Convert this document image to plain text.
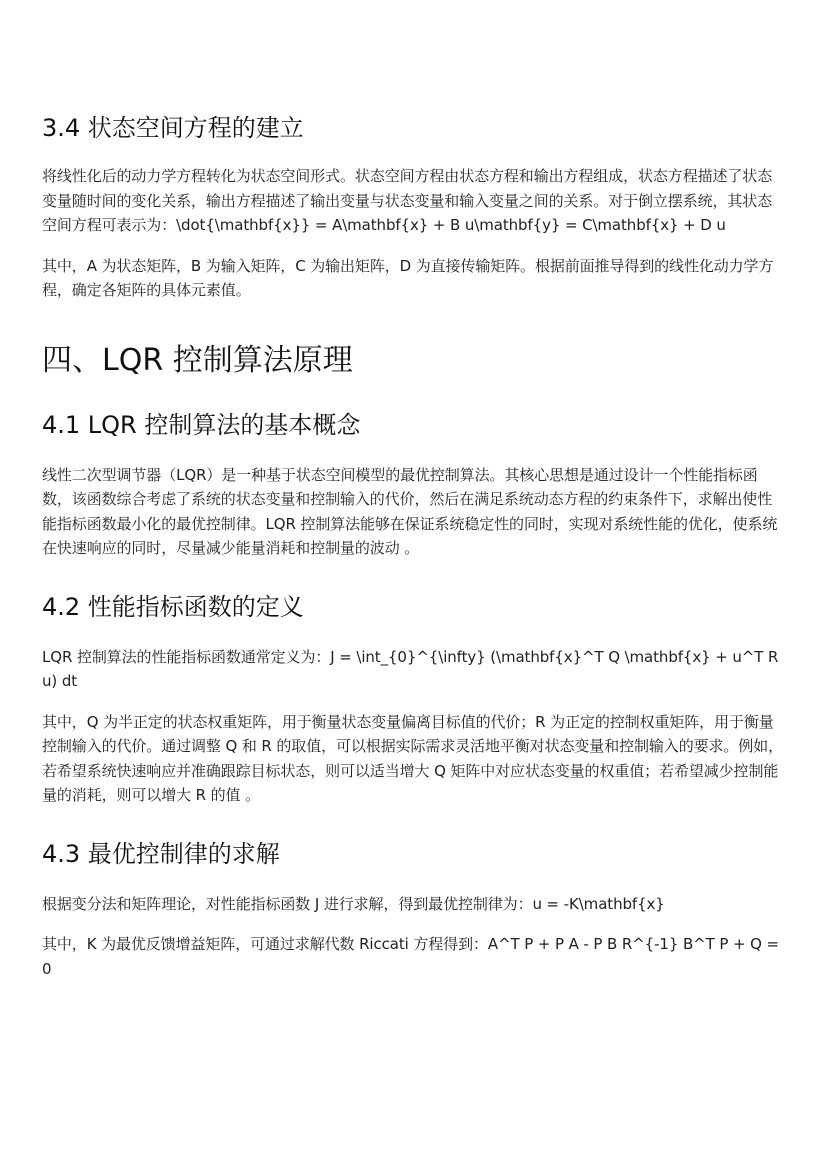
3.4 状态空间方程的建立

将线性化后的动力学方程转化为状态空间形式。状态空间方程由状态方程和输出方程组成，状态方程描述了状态变量随时间的变化关系，输出方程描述了输出变量与状态变量和输入变量之间的关系。对于倒立摆系统，其状态空间方程可表示为：\dot{\mathbf{x}} = A\mathbf{x} + B u\mathbf{y} = C\mathbf{x} + D u

其中，A 为状态矩阵，B 为输入矩阵，C 为输出矩阵，D 为直接传输矩阵。根据前面推导得到的线性化动力学方程，确定各矩阵的具体元素值。

四、LQR 控制算法原理
4.1 LQR 控制算法的基本概念

线性二次型调节器（LQR）是一种基于状态空间模型的最优控制算法。其核心思想是通过设计一个性能指标函数，该函数综合考虑了系统的状态变量和控制输入的代价，然后在满足系统动态方程的约束条件下，求解出使性能指标函数最小化的最优控制律。LQR 控制算法能够在保证系统稳定性的同时，实现对系统性能的优化，使系统在快速响应的同时，尽量减少能量消耗和控制量的波动 。

4.2 性能指标函数的定义

LQR 控制算法的性能指标函数通常定义为：J = \int_{0}^{\infty} (\mathbf{x}^T Q \mathbf{x} + u^T R u) dt

其中，Q 为半正定的状态权重矩阵，用于衡量状态变量偏离目标值的代价；R 为正定的控制权重矩阵，用于衡量控制输入的代价。通过调整 Q 和 R 的取值，可以根据实际需求灵活地平衡对状态变量和控制输入的要求。例如，若希望系统快速响应并准确跟踪目标状态，则可以适当增大 Q 矩阵中对应状态变量的权重值；若希望减少控制能量的消耗，则可以增大 R 的值 。

4.3 最优控制律的求解

根据变分法和矩阵理论，对性能指标函数 J 进行求解，得到最优控制律为：u = -K\mathbf{x}

其中，K 为最优反馈增益矩阵，可通过求解代数 Riccati 方程得到：A^T P + P A - P B R^{-1} B^T P + Q = 0
